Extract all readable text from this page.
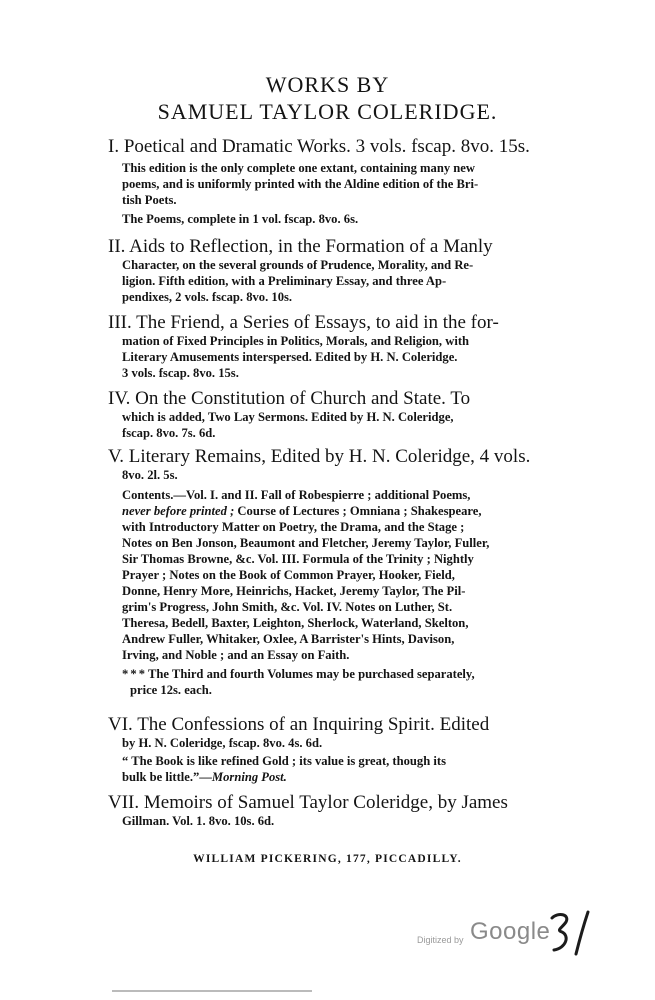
WORKS BY
SAMUEL TAYLOR COLERIDGE.
I. Poetical and Dramatic Works. 3 vols. fscap. 8vo. 15s.
This edition is the only complete one extant, containing many new
poems, and is uniformly printed with the Aldine edition of the Bri-
tish Poets.
The Poems, complete in 1 vol. fscap. 8vo. 6s.
II. Aids to Reflection, in the Formation of a Manly
Character, on the several grounds of Prudence, Morality, and Re-
ligion. Fifth edition, with a Preliminary Essay, and three Ap-
pendixes, 2 vols. fscap. 8vo. 10s.
III. The Friend, a Series of Essays, to aid in the for-
mation of Fixed Principles in Politics, Morals, and Religion, with
Literary Amusements interspersed. Edited by H. N. Coleridge.
3 vols. fscap. 8vo. 15s.
IV. On the Constitution of Church and State. To
which is added, Two Lay Sermons. Edited by H. N. Coleridge,
fscap. 8vo. 7s. 6d.
V. Literary Remains, Edited by H. N. Coleridge, 4 vols.
8vo. 2l. 5s.
Contents.—Vol. I. and II. Fall of Robespierre ; additional Poems,
never before printed ; Course of Lectures ; Omniana ; Shakespeare,
with Introductory Matter on Poetry, the Drama, and the Stage ;
Notes on Ben Jonson, Beaumont and Fletcher, Jeremy Taylor, Fuller,
Sir Thomas Browne, &c. Vol. III. Formula of the Trinity ; Nightly
Prayer ; Notes on the Book of Common Prayer, Hooker, Field,
Donne, Henry More, Heinrichs, Hacket, Jeremy Taylor, The Pil-
grim's Progress, John Smith, &c. Vol. IV. Notes on Luther, St.
Theresa, Bedell, Baxter, Leighton, Sherlock, Waterland, Skelton,
Andrew Fuller, Whitaker, Oxlee, A Barrister's Hints, Davison,
Irving, and Noble ; and an Essay on Faith.
* * * The Third and fourth Volumes may be purchased separately,
price 12s. each.
VI. The Confessions of an Inquiring Spirit. Edited
by H. N. Coleridge, fscap. 8vo. 4s. 6d.
“ The Book is like refined Gold ; its value is great, though its
bulk be little.”—Morning Post.
VII. Memoirs of Samuel Taylor Coleridge, by James
Gillman. Vol. 1. 8vo. 10s. 6d.
WILLIAM PICKERING, 177, PICCADILLY.
Digitized by Google
